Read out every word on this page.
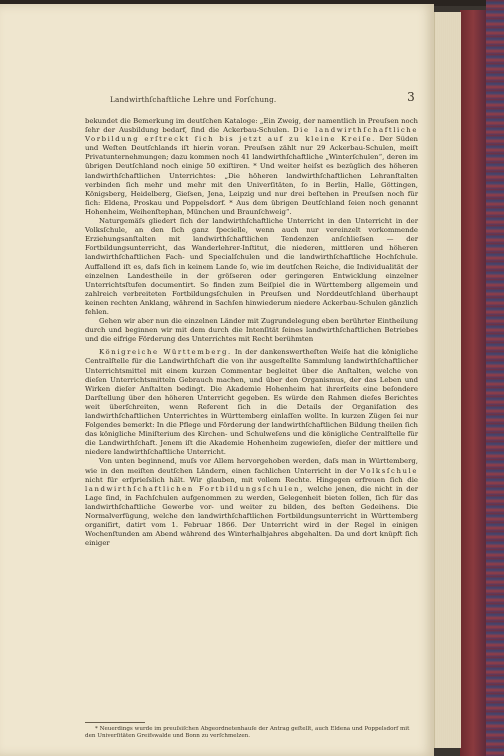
Landwirthſchaftliche Lehre und Forſchung.	3

bekundet die Bemerkung im deutſchen Kataloge: „Ein Zweig, der namentlich in Preuſsen noch ſehr der Ausbildung bedarf, ſind die Ackerbau-Schulen. Die landwirthſchaftliche Vorbildung erſtreckt ſich bis jetzt auf zu kleine Kreiſe. Der Süden und Weſten Deutſchlands iſt hierin voran. Preuſsen zählt nur 29 Ackerbau-Schulen, meiſt Privatunternehmungen; dazu kommen noch 41 landwirthſchaftliche „Winterſchulen“, deren im übrigen Deutſchland noch einige 50 exiſtiren. * Und weiter heiſst es bezüglich des höheren landwirthſchaftlichen Unterrichtes: „Die höheren landwirthſchaftlichen Lehranſtalten verbinden ſich mehr und mehr mit den Univerſitäten, ſo in Berlin, Halle, Göttingen, Königsberg, Heidelberg, Gieſsen, Jena, Leipzig und nur drei beſtehen in Preuſsen noch für ſich: Eldena, Proskau und Poppelsdorf. * Aus dem übrigen Deutſchland ſeien noch genannt Hohenheim, Weihenſtephan, München und Braunſchweig“.

Naturgemäſs gliedert ſich der landwirthſchaftliche Unterricht in den Unterricht in der Volksſchule, an den ſich ganz ſpecielle, wenn auch nur vereinzelt vorkommende Erziehungsanſtalten mit landwirthſchaftlichen Tendenzen anſchlieſsen — der Fortbildungsunterricht, das Wanderlehrer-Inſtitut, die niederen, mittleren und höheren landwirthſchaftlichen Fach- und Specialſchulen und die landwirthſchaftliche Hochſchule. Auffallend iſt es, daſs ſich in keinem Lande ſo, wie im deutſchen Reiche, die Individualität der einzelnen Landestheile in der gröſseren oder geringeren Entwicklung einzelner Unterrichtsſtufen documentirt. So finden zum Beiſpiel die in Württemberg allgemein und zahlreich verbreiteten Fortbildungsſchulen in Preuſsen und Norddeutſchland überhaupt keinen rechten Anklang, während in Sachſen hinwiederum niedere Ackerbau-Schulen gänzlich fehlen.

Gehen wir aber nun die einzelnen Länder mit Zugrundelegung eben berührter Eintheilung durch und beginnen wir mit dem durch die Intenſität ſeines landwirthſchaftlichen Betriebes und die eifrige Förderung des Unterrichtes mit Recht berühmten

Königreiche Württemberg. In der dankenswertheſten Weiſe hat die königliche Centralſtelle für die Landwirthſchaft die von ihr ausgeſtellte Sammlung landwirthſchaftlicher Unterrichtsmittel mit einem kurzen Commentar begleitet über die Anſtalten, welche von dieſen Unterrichtsmitteln Gebrauch machen, und über den Organismus, der das Leben und Wirken dieſer Anſtalten bedingt. Die Akademie Hohenheim hat ihrerſeits eine beſondere Darſtellung über den höheren Unterricht gegeben. Es würde den Rahmen dieſes Berichtes weit überſchreiten, wenn Referent ſich in die Details der Organiſation des landwirthſchaftlichen Unterrichtes in Württemberg einlaſſen wollte. In kurzen Zügen ſei nur Folgendes bemerkt: In die Pflege und Förderung der landwirthſchaftlichen Bildung theilen ſich das königliche Miniſterium des Kirchen- und Schulweſens und die königliche Centralſtelle für die Landwirthſchaft. Jenem iſt die Akademie Hohenheim zugewieſen, dieſer der mittlere und niedere landwirthſchaftliche Unterricht.

Von unten beginnend, muſs vor Allem hervorgehoben werden, daſs man in Württemberg, wie in den meiſten deutſchen Ländern, einen fachlichen Unterricht in der Volksſchule nicht für erſprieſslich hält. Wir glauben, mit vollem Rechte. Hingegen erfreuen ſich die landwirthſchaftlichen Fortbildungsſchulen, welche jenen, die nicht in der Lage ſind, in Fachſchulen aufgenommen zu werden, Gelegenheit bieten ſollen, ſich für das landwirthſchaftliche Gewerbe vor- und weiter zu bilden, des beſten Gedeihens. Die Normalverfügung, welche den landwirthſchaftlichen Fortbildungsunterricht in Württemberg organiſirt, datirt vom 1. Februar 1866. Der Unterricht wird in der Regel in einigen Wochenſtunden am Abend während des Winterhalbjahres abgehalten. Da und dort knüpft ſich einiger

* Neuerdings wurde im preuſsiſchen Abgeordnetenhauſe der Antrag geſtellt, auch Eldena und Poppelsdorf mit den Univerſitäten Greifswalde und Bonn zu verſchmelzen.
